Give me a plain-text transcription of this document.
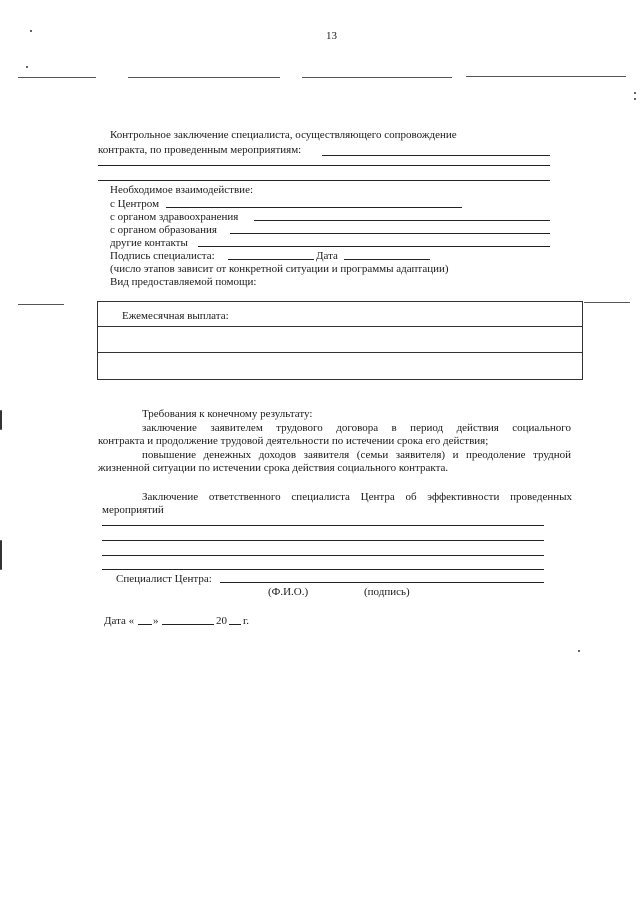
13
Контрольное заключение специалиста, осуществляющего сопровождение
контракта, по проведенным мероприятиям:
Необходимое взаимодействие:
с Центром
с органом здравоохранения
с органом образования
другие контакты
Подпись специалиста:	Дата
(число этапов зависит от конкретной ситуации и программы адаптации)
Вид предоставляемой помощи:
Ежемесячная выплата:
Требования к конечному результату:
заключение заявителем трудового договора в период действия социального
контракта и продолжение трудовой деятельности по истечении срока его действия;
повышение денежных доходов заявителя (семьи заявителя) и преодоление трудной
жизненной ситуации по истечении срока действия социального контракта.
Заключение ответственного специалиста Центра об эффективности проведенных
мероприятий
Специалист Центра:
(Ф.И.О.)	(подпись)
Дата « »	20 г.
